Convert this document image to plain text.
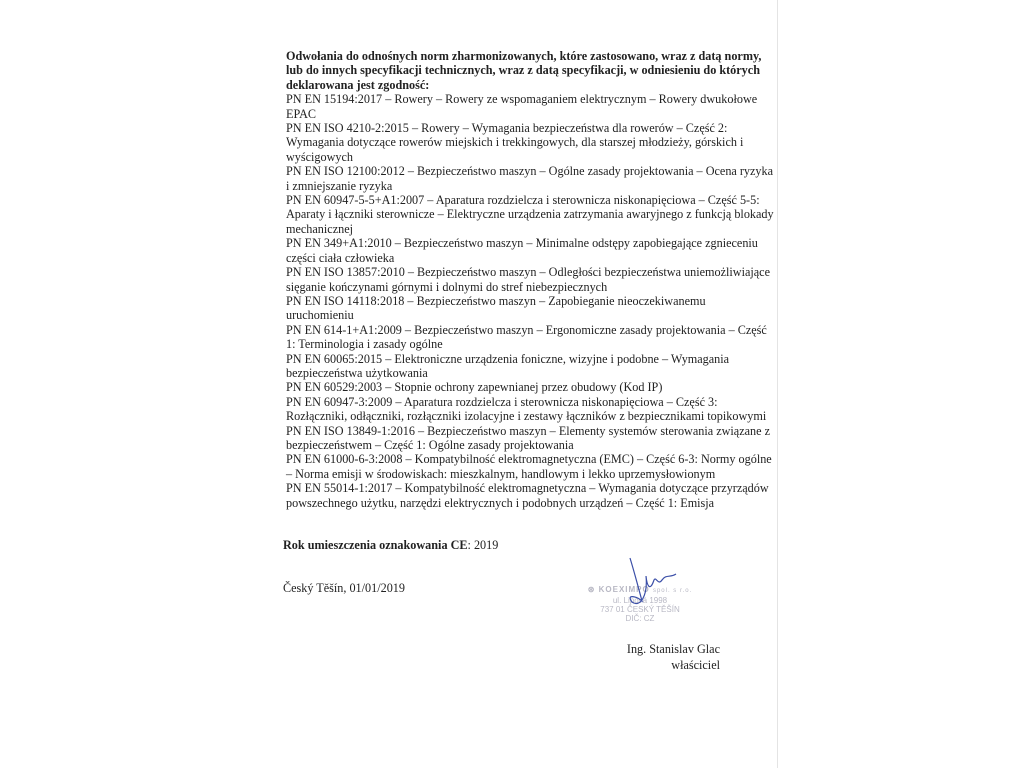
Odwołania do odnośnych norm zharmonizowanych, które zastosowano, wraz z datą normy,
lub do innych specyfikacji technicznych, wraz z datą specyfikacji, w odniesieniu do których
deklarowana jest zgodność:
PN EN 15194:2017 – Rowery – Rowery ze wspomaganiem elektrycznym – Rowery dwukołowe
EPAC
PN EN ISO 4210-2:2015 – Rowery – Wymagania bezpieczeństwa dla rowerów – Część 2:
Wymagania dotyczące rowerów miejskich i trekkingowych, dla starszej młodzieży, górskich i
wyścigowych
PN EN ISO 12100:2012 – Bezpieczeństwo maszyn – Ogólne zasady projektowania – Ocena ryzyka
i zmniejszanie ryzyka
PN EN 60947-5-5+A1:2007 – Aparatura rozdzielcza i sterownicza niskonapięciowa – Część 5-5:
Aparaty i łączniki sterownicze – Elektryczne urządzenia zatrzymania awaryjnego z funkcją blokady
mechanicznej
PN EN 349+A1:2010 – Bezpieczeństwo maszyn – Minimalne odstępy zapobiegające zgnieceniu
części ciała człowieka
PN EN ISO 13857:2010 – Bezpieczeństwo maszyn – Odległości bezpieczeństwa uniemożliwiające
sięganie kończynami górnymi i dolnymi do stref niebezpiecznych
PN EN ISO 14118:2018 – Bezpieczeństwo maszyn – Zapobieganie nieoczekiwanemu
uruchomieniu
PN EN 614-1+A1:2009 – Bezpieczeństwo maszyn – Ergonomiczne zasady projektowania – Część
1: Terminologia i zasady ogólne
PN EN 60065:2015 – Elektroniczne urządzenia foniczne, wizyjne i podobne – Wymagania
bezpieczeństwa użytkowania
PN EN 60529:2003 – Stopnie ochrony zapewnianej przez obudowy (Kod IP)
PN EN 60947-3:2009 – Aparatura rozdzielcza i sterownicza niskonapięciowa – Część 3:
Rozłączniki, odłączniki, rozłączniki izolacyjne i zestawy łączników z bezpiecznikami topikowymi
PN EN ISO 13849-1:2016 – Bezpieczeństwo maszyn – Elementy systemów sterowania związane z
bezpieczeństwem – Część 1: Ogólne zasady projektowania
PN EN 61000-6-3:2008 – Kompatybilność elektromagnetyczna (EMC) – Część 6-3: Normy ogólne
– Norma emisji w środowiskach: mieszkalnym, handlowym i lekko uprzemysłowionym
PN EN 55014-1:2017 – Kompatybilność elektromagnetyczna – Wymagania dotyczące przyrządów
powszechnego użytku, narzędzi elektrycznych i podobnych urządzeń – Część 1: Emisja
Rok umieszczenia oznakowania CE: 2019
Český Těšín, 01/01/2019	⊛ KOEXIMPO spol. s r.o.
ul. Lipová 1998
737 01 ČESKÝ TĚŠÍN
DIČ: CZ
Ing. Stanislav Glac
właściciel
